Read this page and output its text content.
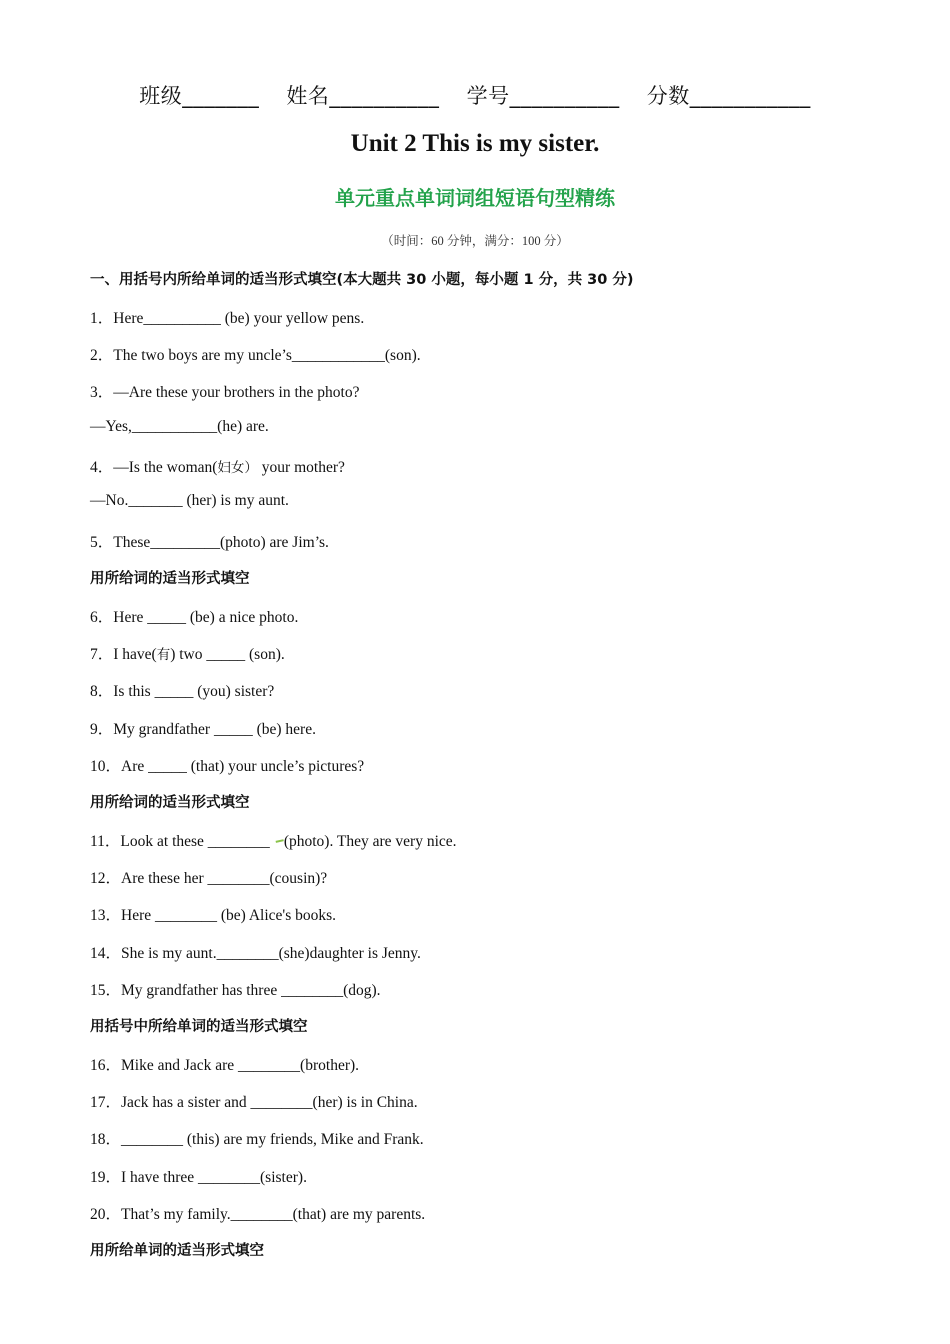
班级_______ 姓名__________ 学号__________ 分数___________
Unit 2 This is my sister.
单元重点单词词组短语句型精练
（时间：60 分钟，满分：100 分）
一、用括号内所给单词的适当形式填空(本大题共 30 小题，每小题 1 分，共 30 分)
1．Here__________ (be) your yellow pens.
2．The two boys are my uncle’s____________(son).
3．—Are these your brothers in the photo?
—Yes,___________(he) are.
4．—Is the woman(妇女） your mother?
—No._______ (her) is my aunt.
5．These_________(photo) are Jim’s.
用所给词的适当形式填空
6．Here _____ (be) a nice photo.
7．I have(有) two _____ (son).
8．Is this _____ (you) sister?
9．My grandfather _____ (be) here.
10．Are _____ (that) your uncle’s pictures?
用所给词的适当形式填空
11．Look at these ________ (photo). They are very nice.
12．Are these her ________(cousin)?
13．Here ________ (be) Alice's books.
14．She is my aunt.________(she)daughter is Jenny.
15．My grandfather has three ________(dog).
用括号中所给单词的适当形式填空
16．Mike and Jack are ________(brother).
17．Jack has a sister and ________(her) is in China.
18．________ (this) are my friends, Mike and Frank.
19．I have three ________(sister).
20．That’s my family.________(that) are my parents.
用所给单词的适当形式填空
